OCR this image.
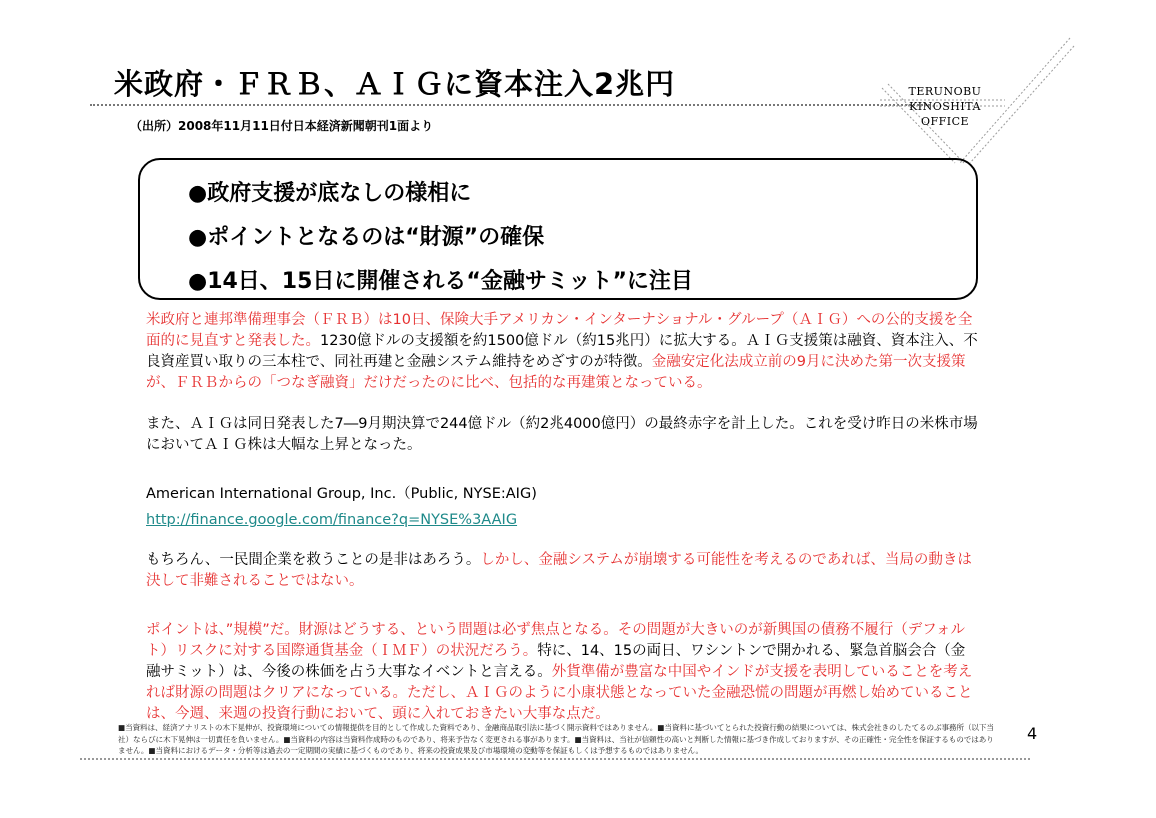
米政府・ＦＲＢ、ＡＩＧに資本注入2兆円
（出所）2008年11月11日付日本経済新聞朝刊1面より
TERUNOBU
KINOSHITA
OFFICE
●政府支援が底なしの様相に
●ポイントとなるのは“財源”の確保
●14日、15日に開催される“金融サミット”に注目
米政府と連邦準備理事会（ＦＲＢ）は10日、保険大手アメリカン・インターナショナル・グループ（ＡＩＧ）への公的支援を全面的に見直すと発表した。1230億ドルの支援額を約1500億ドル（約15兆円）に拡大する。ＡＩＧ支援策は融資、資本注入、不良資産買い取りの三本柱で、同社再建と金融システム維持をめざすのが特徴。金融安定化法成立前の9月に決めた第一次支援策が、ＦＲＢからの「つなぎ融資」だけだったのに比べ、包括的な再建策となっている。
また、ＡＩＧは同日発表した7―9月期決算で244億ドル（約2兆4000億円）の最終赤字を計上した。これを受け昨日の米株市場においてＡＩＧ株は大幅な上昇となった。
American International Group, Inc.（Public, NYSE:AIG)
http://finance.google.com/finance?q=NYSE%3AAIG
もちろん、一民間企業を救うことの是非はあろう。しかし、金融システムが崩壊する可能性を考えるのであれば、当局の動きは決して非難されることではない。
ポイントは、”規模”だ。財源はどうする、という問題は必ず焦点となる。その問題が大きいのが新興国の債務不履行（デフォルト）リスクに対する国際通貨基金（ＩＭＦ）の状況だろう。特に、14、15の両日、ワシントンで開かれる、緊急首脳会合（金融サミット）は、今後の株価を占う大事なイベントと言える。外貨準備が豊富な中国やインドが支援を表明していることを考えれば財源の問題はクリアになっている。ただし、ＡＩＧのように小康状態となっていた金融恐慌の問題が再燃し始めていることは、今週、来週の投資行動において、頭に入れておきたい大事な点だ。
■当資料は、経済アナリストの木下晃伸が、投資環境についての情報提供を目的として作成した資料であり、金融商品取引法に基づく開示資料ではありません。■当資料に基づいてとられた投資行動の結果については、株式会社きのしたてるのぶ事務所（以下当社）ならびに木下晃伸は一切責任を負いません。■当資料の内容は当資料作成時のものであり、将来予告なく変更される事があります。■当資料は、当社が信頼性の高いと判断した情報に基づき作成しておりますが、その正確性・完全性を保証するものではありません。■当資料におけるデータ・分析等は過去の一定期間の実績に基づくものであり、将来の投資成果及び市場環境の変動等を保証もしくは予想するものではありません。
4
